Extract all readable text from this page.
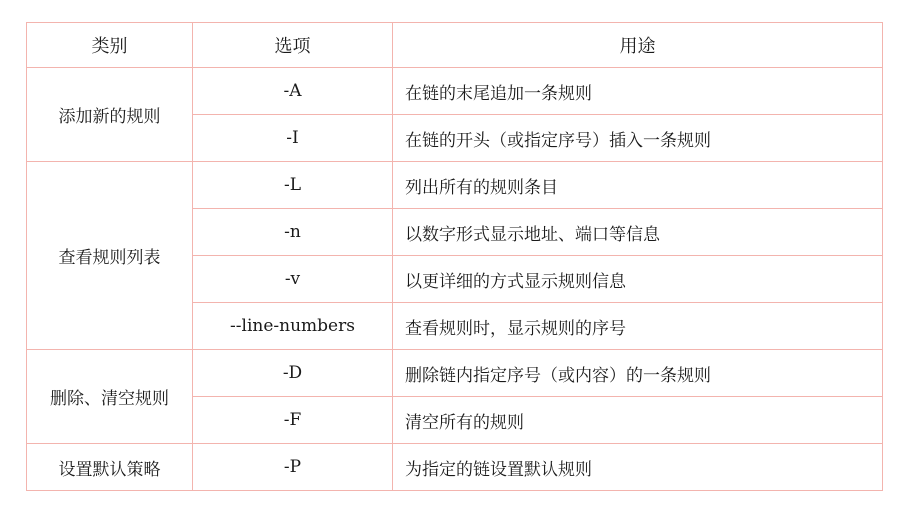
类别	选项	用途
添加新的规则	-A	在链的末尾追加一条规则
	-I	在链的开头（或指定序号）插入一条规则
查看规则列表	-L	列出所有的规则条目
	-n	以数字形式显示地址、端口等信息
	-v	以更详细的方式显示规则信息
	--line-numbers	查看规则时，显示规则的序号
删除、清空规则	-D	删除链内指定序号（或内容）的一条规则
	-F	清空所有的规则
设置默认策略	-P	为指定的链设置默认规则
